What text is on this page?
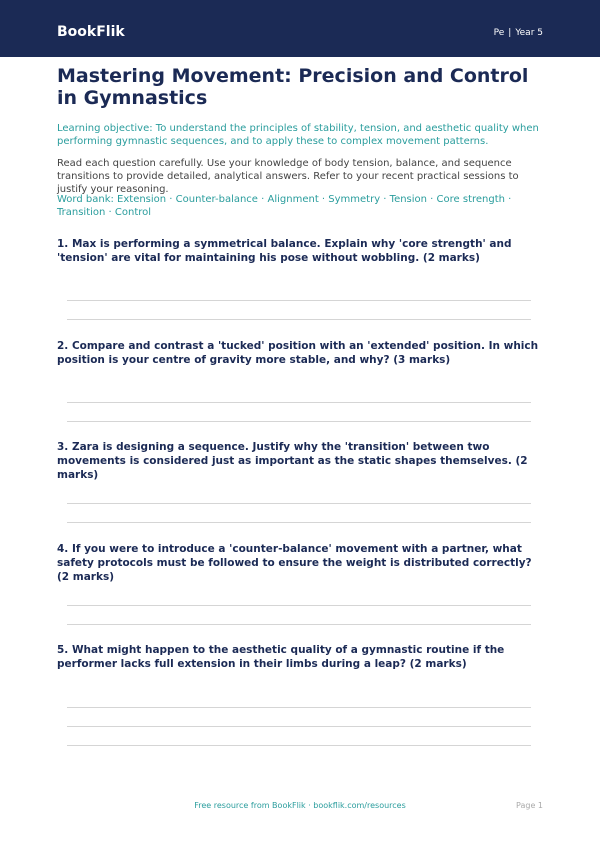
BookFlik	Pe | Year 5
Mastering Movement: Precision and Control in Gymnastics

Learning objective: To understand the principles of stability, tension, and aesthetic quality when performing gymnastic sequences, and to apply these to complex movement patterns.

Read each question carefully. Use your knowledge of body tension, balance, and sequence transitions to provide detailed, analytical answers. Refer to your recent practical sessions to justify your reasoning.

Word bank: Extension · Counter-balance · Alignment · Symmetry · Tension · Core strength · Transition · Control

1. Max is performing a symmetrical balance. Explain why 'core strength' and 'tension' are vital for maintaining his pose without wobbling. (2 marks)

2. Compare and contrast a 'tucked' position with an 'extended' position. In which position is your centre of gravity more stable, and why? (3 marks)

3. Zara is designing a sequence. Justify why the 'transition' between two movements is considered just as important as the static shapes themselves. (2 marks)

4. If you were to introduce a 'counter-balance' movement with a partner, what safety protocols must be followed to ensure the weight is distributed correctly? (2 marks)

5. What might happen to the aesthetic quality of a gymnastic routine if the performer lacks full extension in their limbs during a leap? (2 marks)

Free resource from BookFlik · bookflik.com/resources	Page 1
